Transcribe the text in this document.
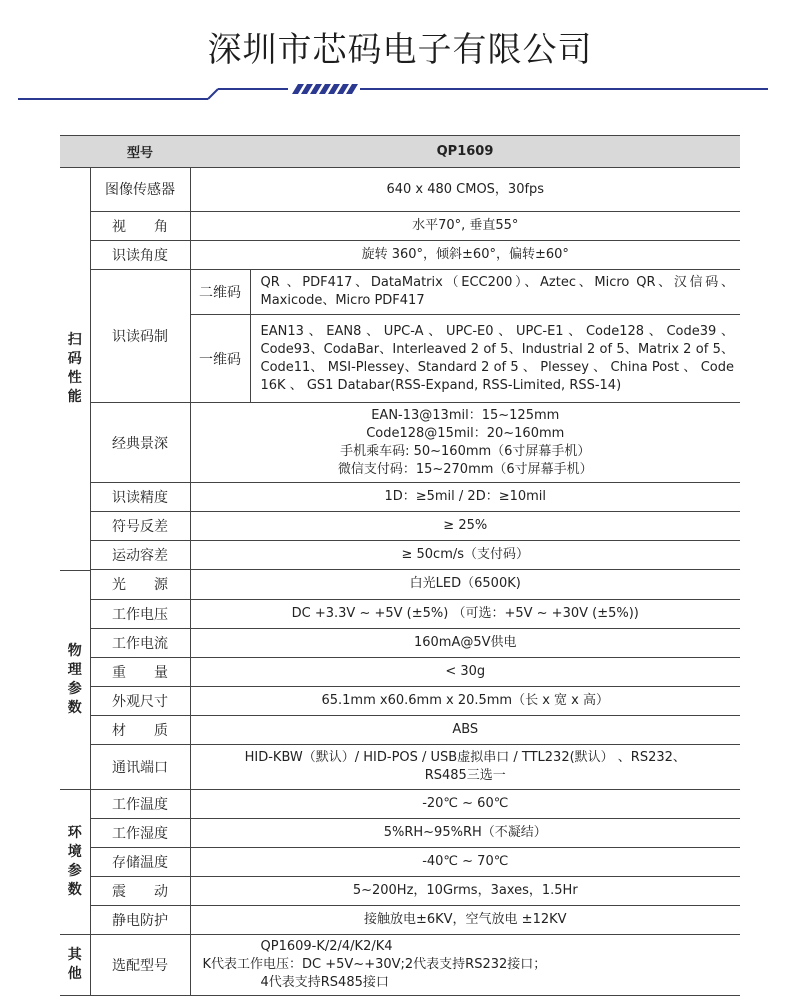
深圳市芯码电子有限公司
	型号	QP1609	

扫码性能	图像传感器	640 x 480 CMOS，30fps	
	视　　角	水平70°, 垂直55°	
	识读角度	旋转 360°，倾斜±60°，偏转±60°	
	识读码制	二维码	QR 、PDF417、DataMatrix（ECC200）、Aztec、Micro QR、汉信码、Maxicode、Micro PDF417

		一维码	EAN13、EAN8、UPC-A、UPC-E0、UPC-E1、Code128、Code39、Code93、CodaBar、Interleaved 2 of 5、Industrial 2 of 5、Matrix 2 of 5、Code11、 MSI-Plessey、Standard 2 of 5 、 Plessey 、 China Post 、 Code 16K 、 GS1 Databar(RSS-Expand, RSS-Limited, RSS-14)

	经典景深	EAN-13@13mil：15~125mm
Code128@15mil：20~160mm
手机乘车码: 50~160mm（6寸屏幕手机）
微信支付码：15~270mm（6寸屏幕手机）	

	识读精度	1D：≥5mil / 2D：≥10mil	
	符号反差	≥ 25%	
	运动容差	≥ 50cm/s（支付码）	

物理参数	光　　源	白光LED（6500K)	
	工作电压	DC +3.3V ~ +5V (±5%) （可选：+5V ~ +30V (±5%))	
	工作电流	160mA@5V供电	
	重　　量	< 30g	
	外观尺寸	65.1mm x60.6mm x 20.5mm（长 x 宽 x 高）	
	材　　质	ABS	
	通讯端口	HID-KBW（默认）/ HID-POS / USB虚拟串口 / TTL232(默认） 、RS232、
RS485三选一	

环境参数	工作温度	-20℃ ~ 60℃	
	工作湿度	5%RH~95%RH（不凝结）	
	存储温度	-40℃ ~ 70℃	
	震　　动	5~200Hz，10Grms，3axes，1.5Hr	
	静电防护	接触放电±6KV，空气放电 ±12KV	

其他	选配型号	QP1609-K/2/4/K2/K4
K代表工作电压：DC +5V~+30V;2代表支持RS232接口；
4代表支持RS485接口	
